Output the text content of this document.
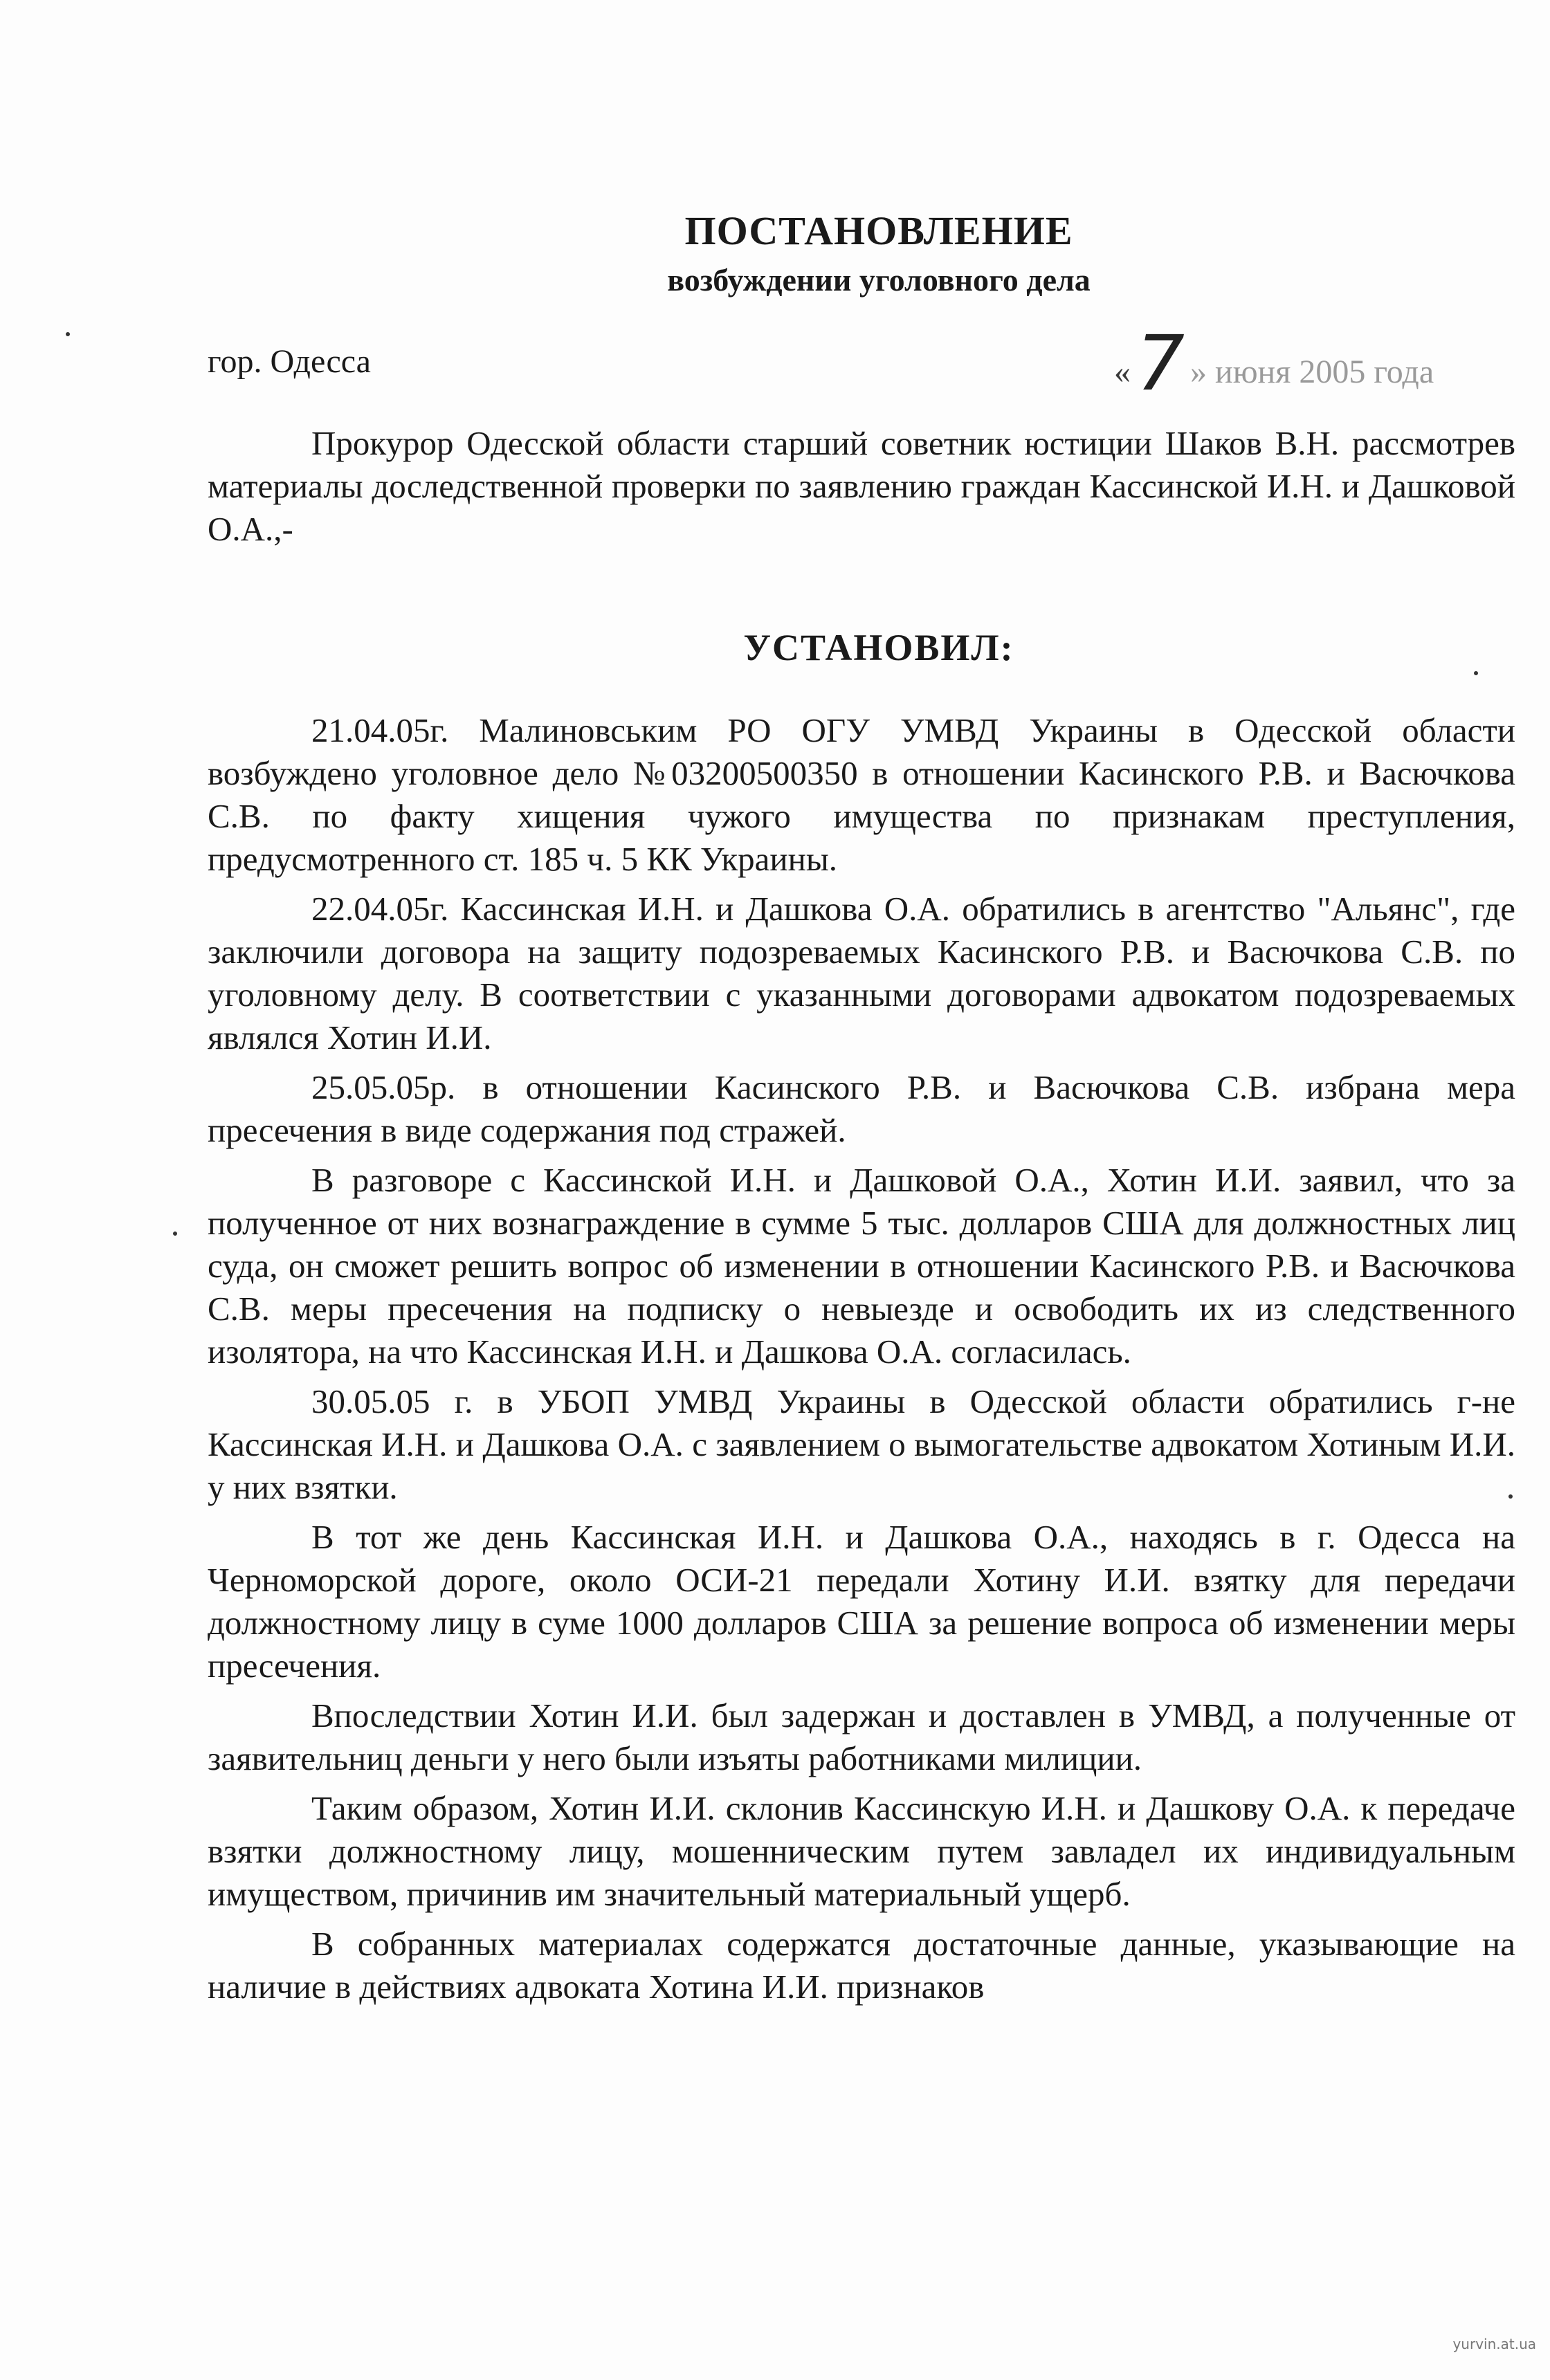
ПОСТАНОВЛЕНИЕ
возбуждении уголовного дела
гор. Одесса	«7 » июня 2005 года

Прокурор Одесской области старший советник юстиции Шаков В.Н. рассмотрев материалы доследственной проверки по заявлению граждан Кассинской И.Н. и Дашковой О.А.,-

УСТАНОВИЛ:

21.04.05г. Малиновським РО ОГУ УМВД Украины в Одесской области возбуждено уголовное дело №03200500350 в отношении Касинского Р.В. и Васючкова С.В. по факту хищения чужого имущества по признакам преступления, предусмотренного ст. 185 ч. 5 КК Украины.

22.04.05г. Кассинская И.Н. и Дашкова О.А. обратились в агентство "Альянс", где заключили договора на защиту подозреваемых Касинского Р.В. и Васючкова С.В. по уголовному делу. В соответствии с указанными договорами адвокатом подозреваемых являлся Хотин И.И.

25.05.05р. в отношении Касинского Р.В. и Васючкова С.В. избрана мера пресечения в виде содержания под стражей.

В разговоре с Кассинской И.Н. и Дашковой О.А., Хотин И.И. заявил, что за полученное от них вознаграждение в сумме 5 тыс. долларов США для должностных лиц суда, он сможет решить вопрос об изменении в отношении Касинского Р.В. и Васючкова С.В. меры пресечения на подписку о невыезде и освободить их из следственного изолятора, на что Кассинская И.Н. и Дашкова О.А. согласилась.

30.05.05 г. в УБОП УМВД Украины в Одесской области обратились г-не Кассинская И.Н. и Дашкова О.А. с заявлением о вымогательстве адвокатом Хотиным И.И. у них взятки.

В тот же день Кассинская И.Н. и Дашкова О.А., находясь в г. Одесса на Черноморской дороге, около ОСИ-21 передали Хотину И.И. взятку для передачи должностному лицу в суме 1000 долларов США за решение вопроса об изменении меры пресечения.

Впоследствии Хотин И.И. был задержан и доставлен в УМВД, а полученные от заявительниц деньги у него были изъяты работниками милиции.

Таким образом, Хотин И.И. склонив Кассинскую И.Н. и Дашкову О.А. к передаче взятки должностному лицу, мошенническим путем завладел их индивидуальным имуществом, причинив им значительный материальный ущерб.

В собранных материалах содержатся достаточные данные, указывающие на наличие в действиях адвоката Хотина И.И. признаков

yurvin.at.ua
